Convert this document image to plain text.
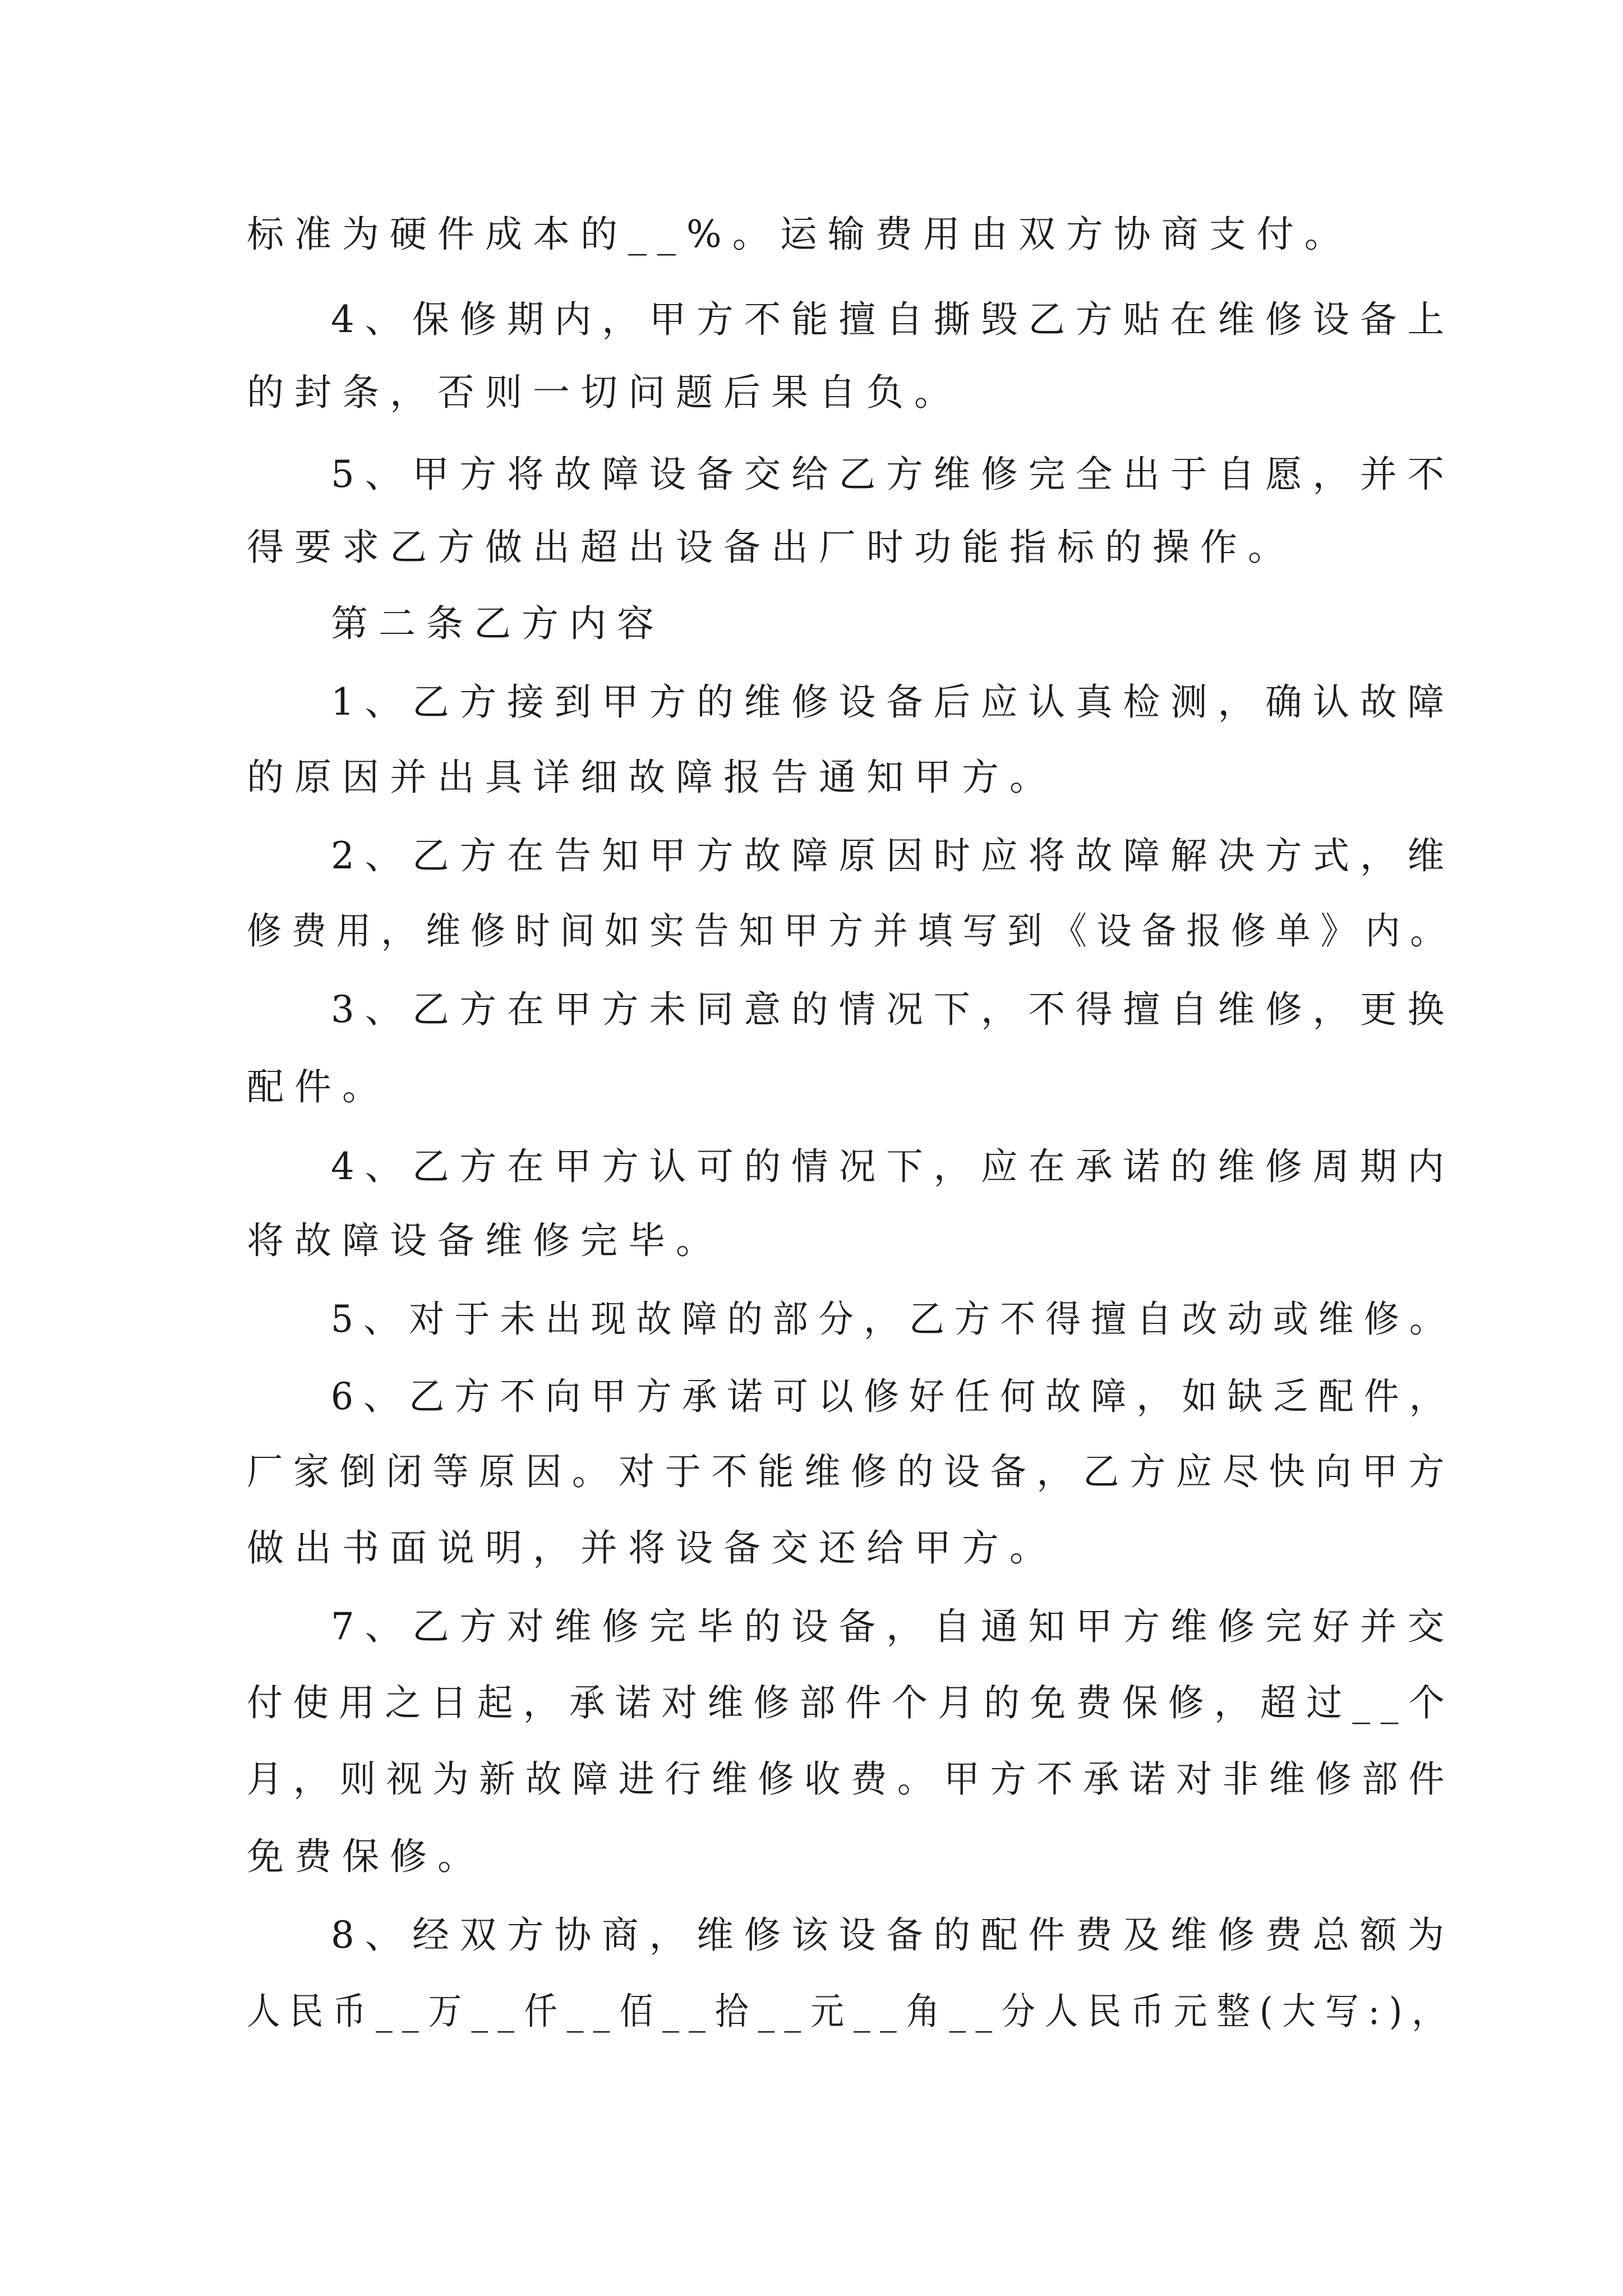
标准为硬件成本的__%。运输费用由双方协商支付。
4、保修期内，甲方不能擅自撕毁乙方贴在维修设备上
的封条，否则一切问题后果自负。
5、甲方将故障设备交给乙方维修完全出于自愿，并不
得要求乙方做出超出设备出厂时功能指标的操作。
第二条乙方内容
1、乙方接到甲方的维修设备后应认真检测，确认故障
的原因并出具详细故障报告通知甲方。
2、乙方在告知甲方故障原因时应将故障解决方式，维
修费用，维修时间如实告知甲方并填写到《设备报修单》内。
3、乙方在甲方未同意的情况下，不得擅自维修，更换
配件。
4、乙方在甲方认可的情况下，应在承诺的维修周期内
将故障设备维修完毕。
5、对于未出现故障的部分，乙方不得擅自改动或维修。
6、乙方不向甲方承诺可以修好任何故障，如缺乏配件，
厂家倒闭等原因。对于不能维修的设备，乙方应尽快向甲方
做出书面说明，并将设备交还给甲方。
7、乙方对维修完毕的设备，自通知甲方维修完好并交
付使用之日起，承诺对维修部件个月的免费保修，超过__个
月，则视为新故障进行维修收费。甲方不承诺对非维修部件
免费保修。
8、经双方协商，维修该设备的配件费及维修费总额为
人民币__万__仟__佰__拾__元__角__分人民币元整(大写:)，
